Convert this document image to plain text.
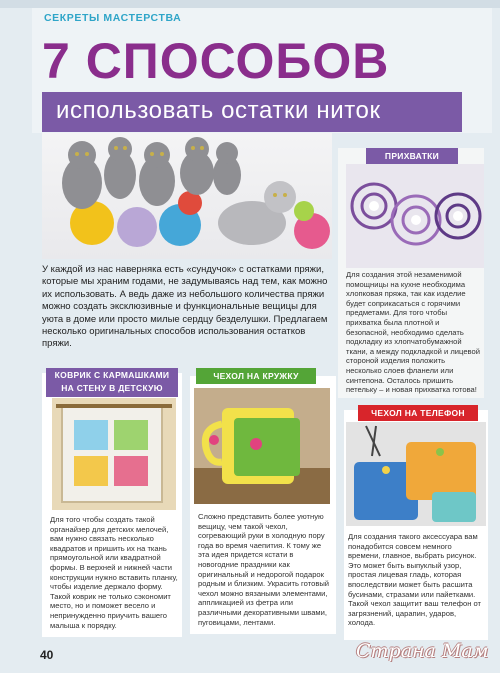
СЕКРЕТЫ МАСТЕРСТВА
7 СПОСОБОВ
использовать остатки ниток
У каждой из нас наверняка есть «сундучок» с остатками пряжи, которые мы храним годами, не задумываясь над тем, как можно их использовать. А ведь даже из небольшого количества пряжи можно создать эксклюзивные и функциональные вещицы для уюта в доме или просто милые сердцу безделушки. Предлагаем несколько оригинальных способов использования остатков пряжи.
ПРИХВАТКИ
Для создания этой незаменимой помощницы на кухне необходима хлопковая пряжа, так как изделие будет соприкасаться с горячими предметами. Для того чтобы прихватка была плотной и безопасной, необходимо сделать подкладку из хлопчатобумажной ткани, а между подкладкой и лицевой стороной изделия положить несколько слоев фланели или синтепона. Осталось пришить петельку – и новая прихватка готова!
КОВРИК С КАРМАШКАМИ
НА СТЕНУ В ДЕТСКУЮ
Для того чтобы создать такой органайзер для детских мелочей, вам нужно связать несколько квадратов и пришить их на ткань прямоугольной или квадратной формы. В верхней и нижней части конструкции нужно вставить планку, чтобы изделие держало форму. Такой коврик не только сэкономит место, но и поможет весело и непринужденно приучить вашего малыша к порядку.
ЧЕХОЛ НА КРУЖКУ
Сложно представить более уютную вещицу, чем такой чехол, согревающий руки в холодную пору года во время чаепития. К тому же эта идея придется кстати в новогодние праздники как оригинальный и недорогой подарок родным и близким. Украсить готовый чехол можно вязаными элементами, аппликацией из фетра или различными декоративными швами, пуговицами, лентами.
ЧЕХОЛ НА ТЕЛЕФОН
Для создания такого аксессуара вам понадобится совсем немного времени, главное, выбрать рисунок. Это может быть выпуклый узор, простая лицевая гладь, которая впоследствии может быть расшита бусинами, стразами или пайетками. Такой чехол защитит ваш телефон от загрязнений, царапин, ударов, холода.
40	Страна Мам
